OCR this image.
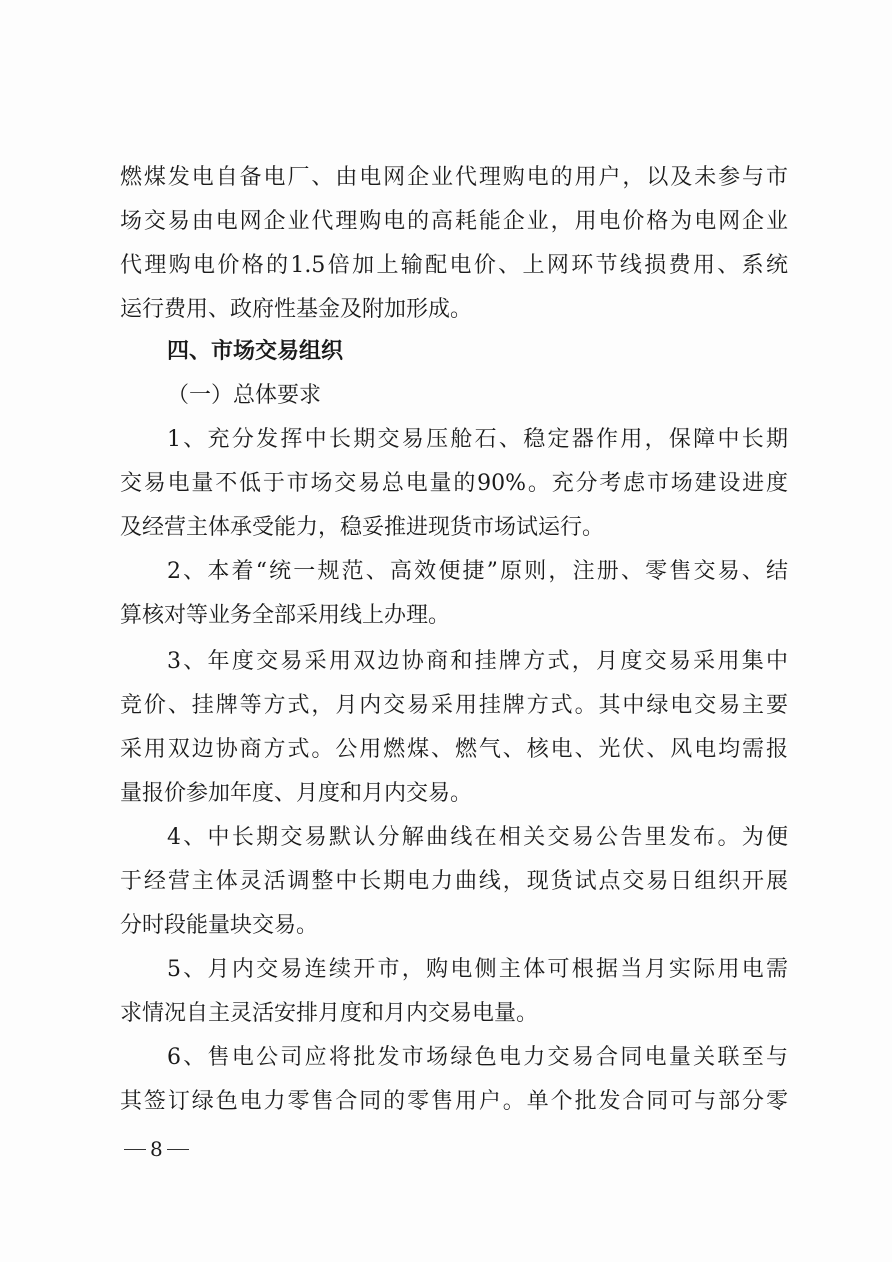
燃煤发电自备电厂、由电网企业代理购电的用户，以及未参与市
场交易由电网企业代理购电的高耗能企业，用电价格为电网企业
代理购电价格的1.5倍加上输配电价、上网环节线损费用、系统
运行费用、政府性基金及附加形成。
四、市场交易组织
（一）总体要求
1、充分发挥中长期交易压舱石、稳定器作用，保障中长期
交易电量不低于市场交易总电量的90%。充分考虑市场建设进度
及经营主体承受能力，稳妥推进现货市场试运行。
2、本着“统一规范、高效便捷”原则，注册、零售交易、结
算核对等业务全部采用线上办理。
3、年度交易采用双边协商和挂牌方式，月度交易采用集中
竞价、挂牌等方式，月内交易采用挂牌方式。其中绿电交易主要
采用双边协商方式。公用燃煤、燃气、核电、光伏、风电均需报
量报价参加年度、月度和月内交易。
4、中长期交易默认分解曲线在相关交易公告里发布。为便
于经营主体灵活调整中长期电力曲线，现货试点交易日组织开展
分时段能量块交易。
5、月内交易连续开市，购电侧主体可根据当月实际用电需
求情况自主灵活安排月度和月内交易电量。
6、售电公司应将批发市场绿色电力交易合同电量关联至与
其签订绿色电力零售合同的零售用户。单个批发合同可与部分零
8
